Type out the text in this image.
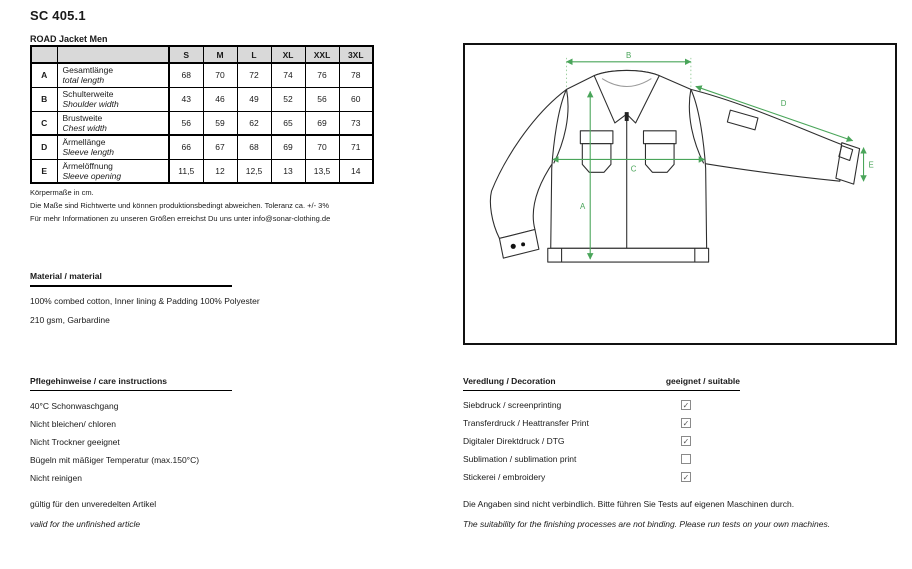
SC 405.1
ROAD Jacket Men
		S	M	L	XL	XXL	3XL
A	Gesamtlänge
total length	68	70	72	74	76	78
B	Schulterweite
Shoulder width	43	46	49	52	56	60
C	Brustweite
Chest width	56	59	62	65	69	73
D	Ärmellänge
Sleeve length	66	67	68	69	70	71
E	Ärmelöffnung
Sleeve opening	11,5	12	12,5	13	13,5	14
Körpermaße in cm.
Die Maße sind Richtwerte und können produktionsbedingt abweichen. Toleranz ca. +/- 3%
Für mehr Informationen zu unseren Größen erreichst Du uns unter info@sonar-clothing.de
Material / material

100% combed cotton, Inner lining & Padding 100% Polyester

210 gsm, Garbardine

Pflegehinweise / care instructions
40°C Schonwaschgang
Nicht bleichen/ chloren
Nicht Trockner geeignet
Bügeln mit mäßiger Temperatur (max.150°C)
Nicht reinigen
gültig für den unveredelten Artikel
valid for the unfinished article
B
A
C
D
E
Veredlung / Decoration	geeignet / suitable
Siebdruck / screenprinting	✓
Transferdruck / Heattransfer Print	✓
Digitaler Direktdruck / DTG	✓
Sublimation / sublimation print
Stickerei / embroidery	✓
Die Angaben sind nicht verbindlich. Bitte führen Sie Tests auf eigenen Maschinen durch.
The suitability for the finishing processes are not binding. Please run tests on your own machines.
